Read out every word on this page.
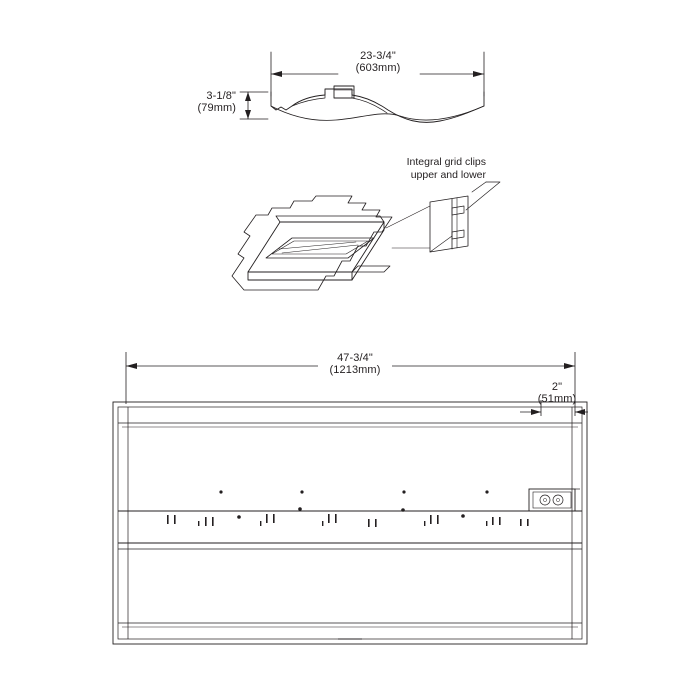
23-3/4"
(603mm)
3-1/8"
(79mm)
Integral grid clips
upper and lower
47-3/4"
(1213mm)
2"
(51mm)
